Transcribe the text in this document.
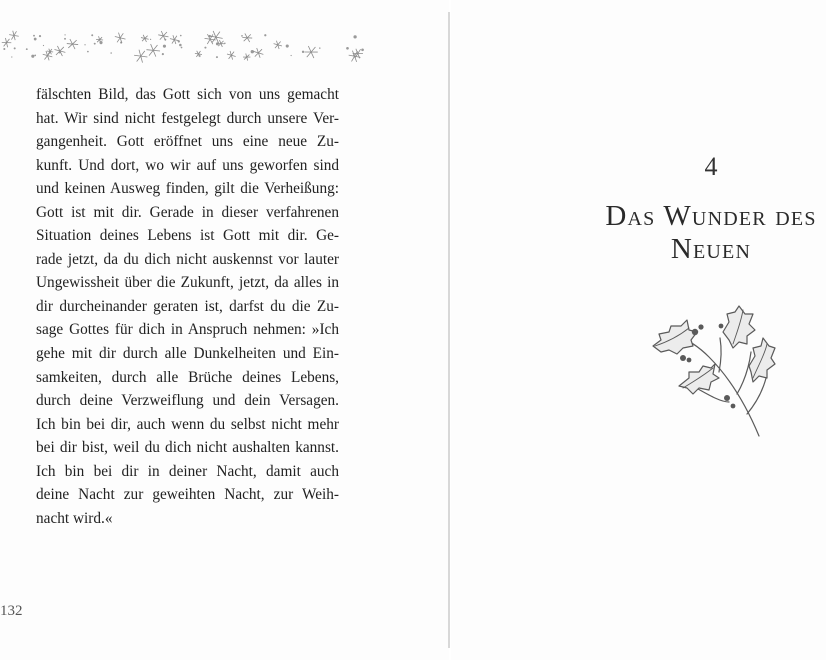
fälschten Bild, das Gott sich von uns gemacht
hat. Wir sind nicht festgelegt durch unsere Ver-
gangenheit. Gott eröffnet uns eine neue Zu-
kunft. Und dort, wo wir auf uns geworfen sind
und keinen Ausweg finden, gilt die Verheißung:
Gott ist mit dir. Gerade in dieser verfahrenen
Situation deines Lebens ist Gott mit dir. Ge-
rade jetzt, da du dich nicht auskennst vor lauter
Ungewissheit über die Zukunft, jetzt, da alles in
dir durcheinander geraten ist, darfst du die Zu-
sage Gottes für dich in Anspruch nehmen: »Ich
gehe mit dir durch alle Dunkelheiten und Ein-
samkeiten, durch alle Brüche deines Lebens,
durch deine Verzweiflung und dein Versagen.
Ich bin bei dir, auch wenn du selbst nicht mehr
bei dir bist, weil du dich nicht aushalten kannst.
Ich bin bei dir in deiner Nacht, damit auch
deine Nacht zur geweihten Nacht, zur Weih-
nacht wird.«
132
4
Das Wunder des
Neuen
